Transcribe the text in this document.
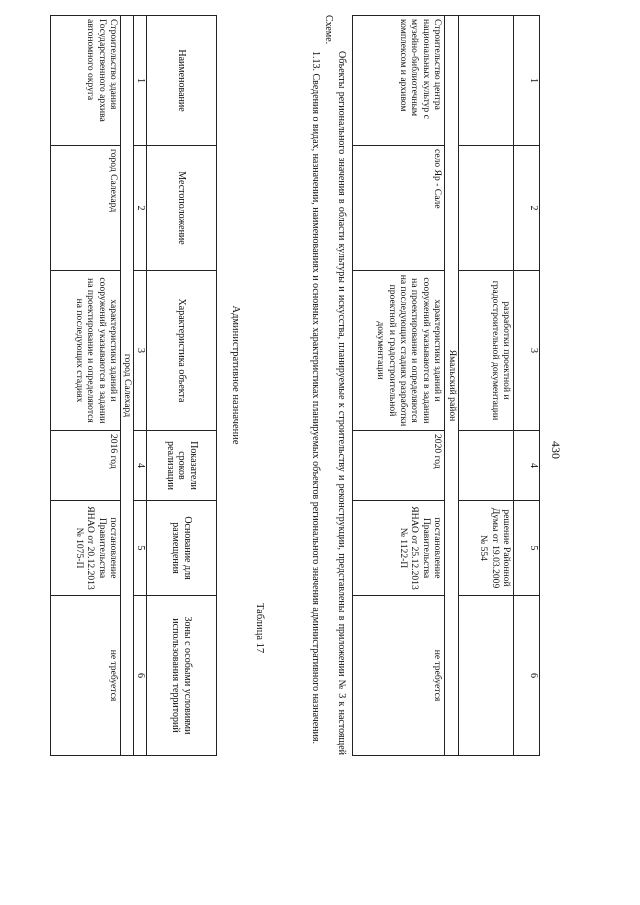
430
1	2	3	4	5	6
		разработки проектной и градостроительной документации		решение Районной Думы от 19.03.2009 № 554	
Ямальский район					
Строительство центра национальных культур с музейно-библиотечным комплексом и архивом	село Яр - Сале	характеристики зданий и сооружений указываются в задании на проектирование и определяются на последующих стадиях разработки проектной и градостроительной документации	2020 год	постановление Правительства ЯНАО от 25.12.2013 № 1122-П	не требуется
Объекты регионального значения в области культуры и искусства, планируемые к строительству и реконструкции, представлены в приложении № 3 к настоящей Схеме.
1.13. Сведения о видах, назначении, наименованиях и основных характеристиках планируемых объектов регионального значения административного назначения.
Таблица 17
Административное назначение
Наименование	Местоположение	Характеристика объекта	Показатели сроков реализации	Основание для размещения	Зоны с особыми условиями использования территорий
1	2	3	4	5	6
город Салехард					
Строительство здания Государственного архива автономного округа	город Салехард	характеристики зданий и сооружений указываются в задании на проектирование и определяются на последующих стадиях	2016 год	постановление Правительства ЯНАО от 20.12.2013 № 1075-П	не требуется
